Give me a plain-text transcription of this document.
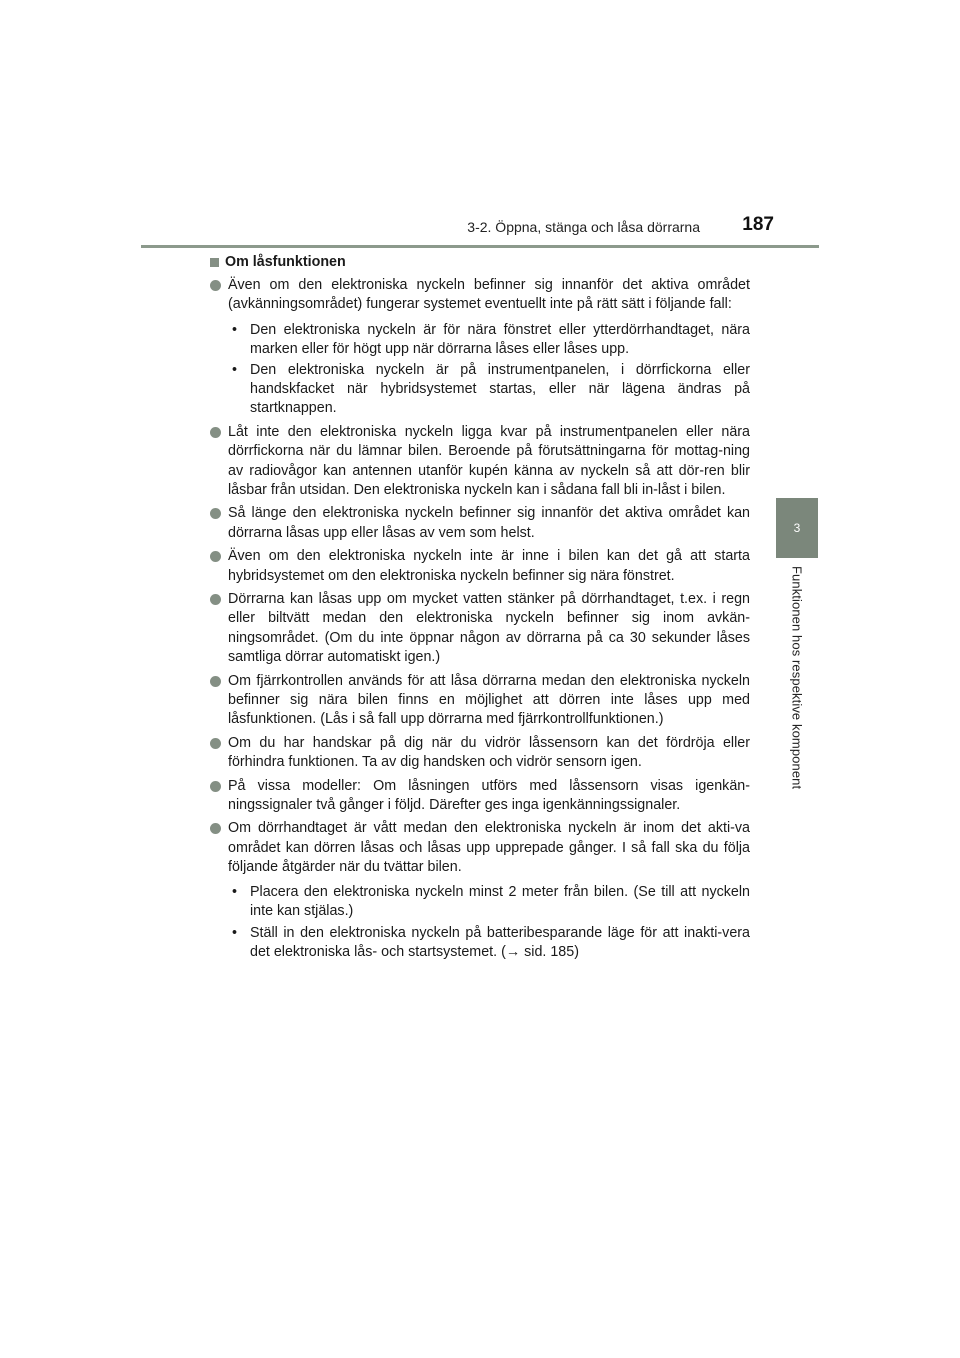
3-2. Öppna, stänga och låsa dörrarna	187
3
Funktionen hos respektive komponent
Om låsfunktionen
Även om den elektroniska nyckeln befinner sig innanför det aktiva området (avkänningsområdet) fungerar systemet eventuellt inte på rätt sätt i följande fall:
• Den elektroniska nyckeln är för nära fönstret eller ytterdörrhandtaget, nära marken eller för högt upp när dörrarna låses eller låses upp.
• Den elektroniska nyckeln är på instrumentpanelen, i dörrfickorna eller handskfacket när hybridsystemet startas, eller när lägena ändras på startknappen.
Låt inte den elektroniska nyckeln ligga kvar på instrumentpanelen eller nära dörrfickorna när du lämnar bilen. Beroende på förutsättningarna för mottag-ning av radiovågor kan antennen utanför kupén känna av nyckeln så att dör-ren blir låsbar från utsidan. Den elektroniska nyckeln kan i sådana fall bli in-låst i bilen.
Så länge den elektroniska nyckeln befinner sig innanför det aktiva området kan dörrarna låsas upp eller låsas av vem som helst.
Även om den elektroniska nyckeln inte är inne i bilen kan det gå att starta hybridsystemet om den elektroniska nyckeln befinner sig nära fönstret.
Dörrarna kan låsas upp om mycket vatten stänker på dörrhandtaget, t.ex. i regn eller biltvätt medan den elektroniska nyckeln befinner sig inom avkän-ningsområdet. (Om du inte öppnar någon av dörrarna på ca 30 sekunder låses samtliga dörrar automatiskt igen.)
Om fjärrkontrollen används för att låsa dörrarna medan den elektroniska nyckeln befinner sig nära bilen finns en möjlighet att dörren inte låses upp med låsfunktionen. (Lås i så fall upp dörrarna med fjärrkontrollfunktionen.)
Om du har handskar på dig när du vidrör låssensorn kan det fördröja eller förhindra funktionen. Ta av dig handsken och vidrör sensorn igen.
På vissa modeller: Om låsningen utförs med låssensorn visas igenkän-ningssignaler två gånger i följd. Därefter ges inga igenkänningssignaler.
Om dörrhandtaget är vått medan den elektroniska nyckeln är inom det akti-va området kan dörren låsas och låsas upp upprepade gånger. I så fall ska du följa följande åtgärder när du tvättar bilen.
• Placera den elektroniska nyckeln minst 2 meter från bilen. (Se till att nyckeln inte kan stjälas.)
• Ställ in den elektroniska nyckeln på batteribesparande läge för att inakti-vera det elektroniska lås- och startsystemet. (→ sid. 185)
